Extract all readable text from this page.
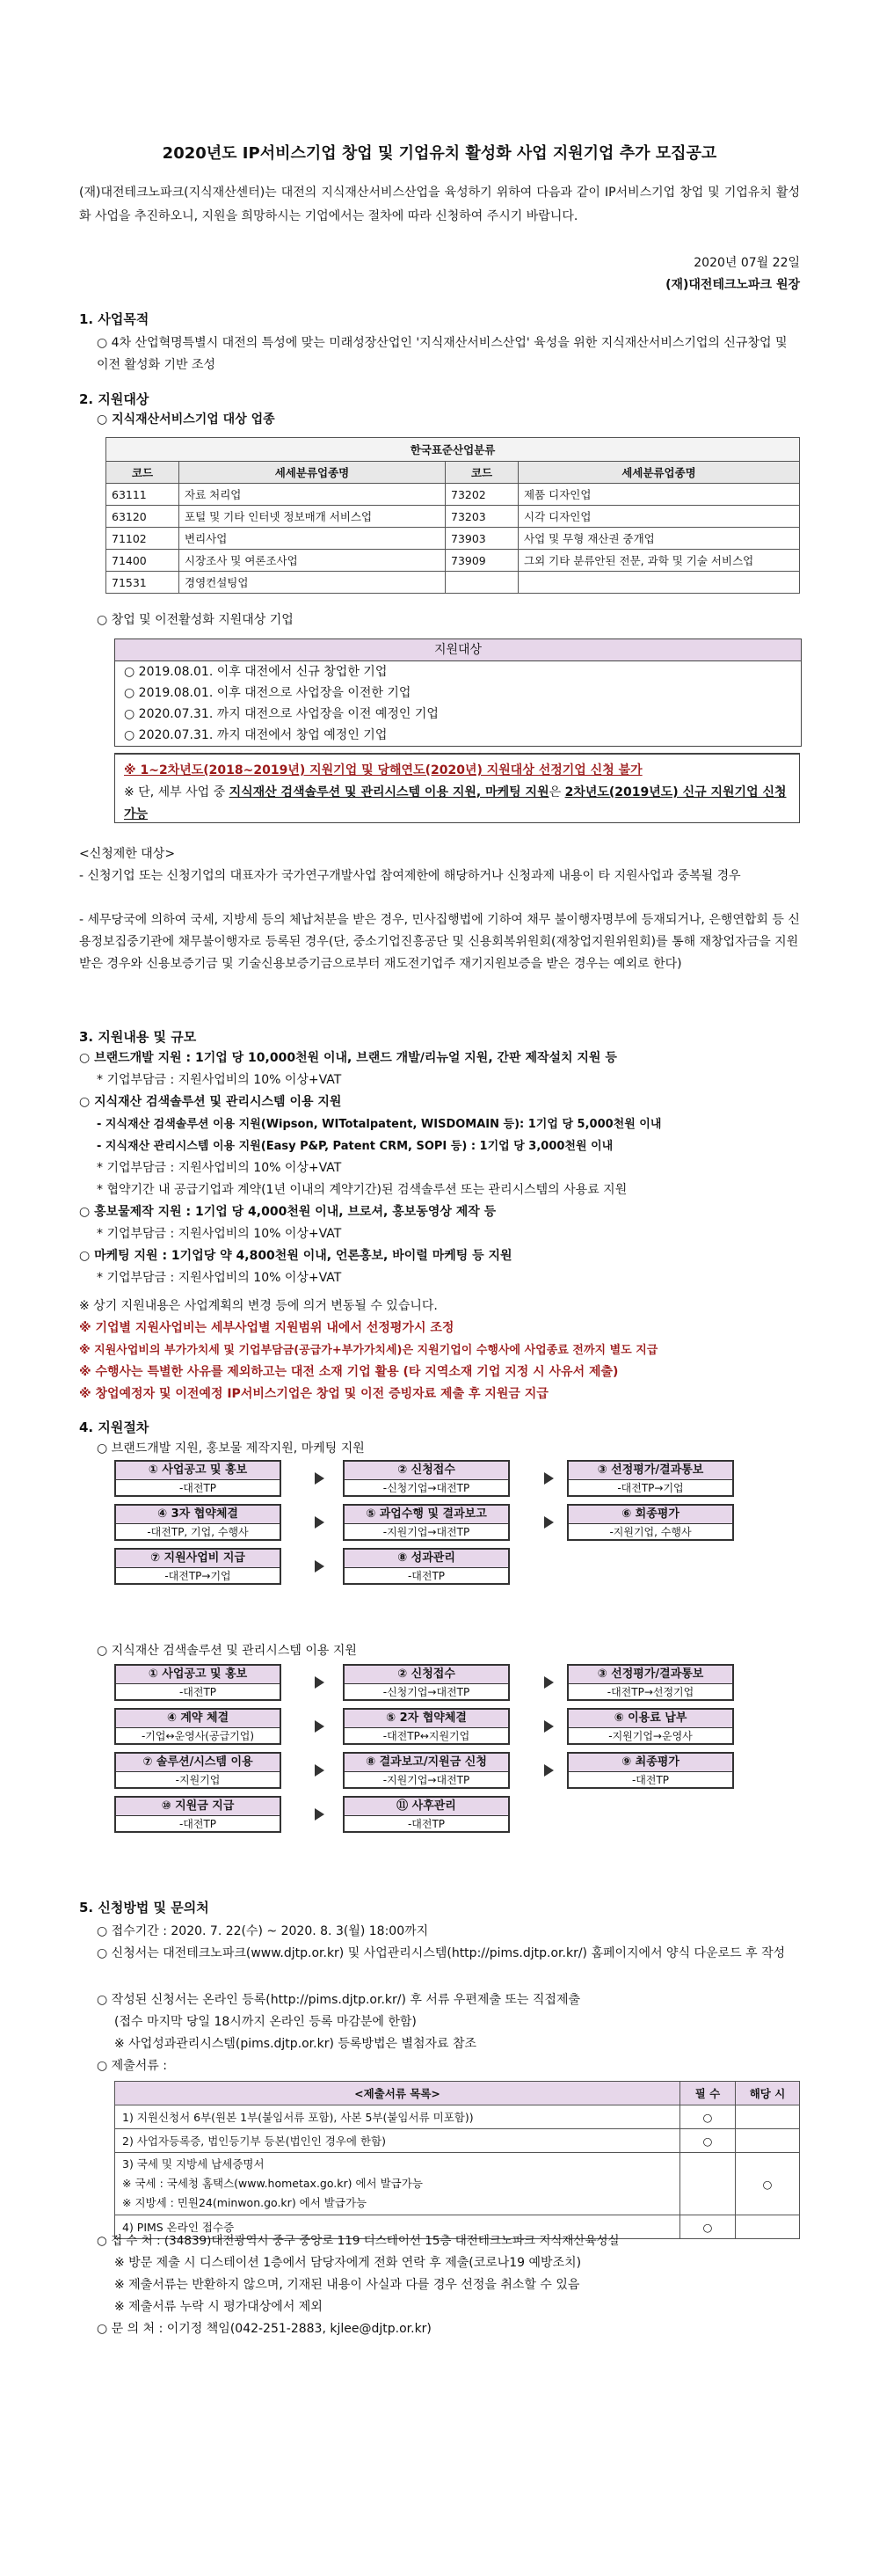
2020년도 IP서비스기업 창업 및 기업유치 활성화 사업 지원기업 추가 모집공고
(재)대전테크노파크(지식재산센터)는 대전의 지식재산서비스산업을 육성하기 위하여 다음과 같이 IP서비스기업 창업 및 기업유치 활성화 사업을 추진하오니, 지원을 희망하시는 기업에서는 절차에 따라 신청하여 주시기 바랍니다.
2020년 07월 22일
(재)대전테크노파크 원장
1. 사업목적
○ 4차 산업혁명특별시 대전의 특성에 맞는 미래성장산업인 '지식재산서비스산업' 육성을 위한 지식재산서비스기업의 신규창업 및 이전 활성화 기반 조성
2. 지원대상
○ 지식재산서비스기업 대상 업종
한국표준산업분류			
코드	세세분류업종명	코드	세세분류업종명
63111	자료 처리업	73202	제품 디자인업
63120	포털 및 기타 인터넷 정보매개 서비스업	73203	시각 디자인업
71102	변리사업	73903	사업 및 무형 재산권 중개업
71400	시장조사 및 여론조사업	73909	그외 기타 분류안된 전문, 과학 및 기술 서비스업
71531	경영컨설팅업		
○ 창업 및 이전활성화 지원대상 기업
지원대상
○ 2019.08.01. 이후 대전에서 신규 창업한 기업
○ 2019.08.01. 이후 대전으로 사업장을 이전한 기업
○ 2020.07.31. 까지 대전으로 사업장을 이전 예정인 기업
○ 2020.07.31. 까지 대전에서 창업 예정인 기업
※ 1~2차년도(2018~2019년) 지원기업 및 당해연도(2020년) 지원대상 선정기업 신청 불가
※ 단, 세부 사업 중 지식재산 검색솔루션 및 관리시스템 이용 지원, 마케팅 지원은 2차년도(2019년도) 신규 지원기업 신청 가능
<신청제한 대상>
- 신청기업 또는 신청기업의 대표자가 국가연구개발사업 참여제한에 해당하거나 신청과제 내용이 타 지원사업과 중복될 경우
- 세무당국에 의하여 국세, 지방세 등의 체납처분을 받은 경우, 민사집행법에 기하여 채무 불이행자명부에 등재되거나, 은행연합회 등 신용정보집중기관에 채무불이행자로 등록된 경우(단, 중소기업진흥공단 및 신용회복위원회(재창업지원위원회)를 통해 재창업자금을 지원 받은 경우와 신용보증기금 및 기술신용보증기금으로부터 재도전기업주 재기지원보증을 받은 경우는 예외로 한다)
3. 지원내용 및 규모
○ 브랜드개발 지원 : 1기업 당 10,000천원 이내, 브랜드 개발/리뉴얼 지원, 간판 제작설치 지원 등
* 기업부담금 : 지원사업비의 10% 이상+VAT
○ 지식재산 검색솔루션 및 관리시스템 이용 지원
- 지식재산 검색솔루션 이용 지원(Wipson, WITotalpatent, WISDOMAIN 등): 1기업 당 5,000천원 이내
- 지식재산 관리시스템 이용 지원(Easy P&P, Patent CRM, SOPI 등) : 1기업 당 3,000천원 이내
* 기업부담금 : 지원사업비의 10% 이상+VAT
* 협약기간 내 공급기업과 계약(1년 이내의 계약기간)된 검색솔루션 또는 관리시스템의 사용료 지원
○ 홍보물제작 지원 : 1기업 당 4,000천원 이내, 브로셔, 홍보동영상 제작 등
* 기업부담금 : 지원사업비의 10% 이상+VAT
○ 마케팅 지원 : 1기업당 약 4,800천원 이내, 언론홍보, 바이럴 마케팅 등 지원
* 기업부담금 : 지원사업비의 10% 이상+VAT
※ 상기 지원내용은 사업계획의 변경 등에 의거 변동될 수 있습니다.
※ 기업별 지원사업비는 세부사업별 지원범위 내에서 선정평가시 조정
※ 지원사업비의 부가가치세 및 기업부담금(공급가+부가가치세)은 지원기업이 수행사에 사업종료 전까지 별도 지급
※ 수행사는 특별한 사유를 제외하고는 대전 소재 기업 활용 (타 지역소재 기업 지정 시 사유서 제출)
※ 창업예정자 및 이전예정 IP서비스기업은 창업 및 이전 증빙자료 제출 후 지원금 지급
4. 지원절차
○ 브랜드개발 지원, 홍보물 제작지원, 마케팅 지원
① 사업공고 및 홍보
-대전TP
② 신청접수
-신청기업→대전TP
③ 선정평가/결과통보
-대전TP→기업
④ 3자 협약체결
-대전TP, 기업, 수행사
⑤ 과업수행 및 결과보고
-지원기업→대전TP
⑥ 회종평가
-지원기업, 수행사
⑦ 지원사업비 지급
-대전TP→기업
⑧ 성과관리
-대전TP
○ 지식재산 검색솔루션 및 관리시스템 이용 지원
① 사업공고 및 홍보
-대전TP
② 신청접수
-신청기업→대전TP
③ 선정평가/결과통보
-대전TP→선정기업
④ 계약 체결
-기업↔운영사(공급기업)
⑤ 2자 협약체결
-대전TP↔지원기업
⑥ 이용료 납부
-지원기업→운영사
⑦ 솔루션/시스템 이용
-지원기업
⑧ 결과보고/지원금 신청
-지원기업→대전TP
⑨ 최종평가
-대전TP
⑩ 지원금 지급
-대전TP
⑪ 사후관리
-대전TP
5. 신청방법 및 문의처
○ 접수기간 : 2020. 7. 22(수) ~ 2020. 8. 3(월) 18:00까지
○ 신청서는 대전테크노파크(www.djtp.or.kr) 및 사업관리시스템(http://pims.djtp.or.kr/) 홈페이지에서 양식 다운로드 후 작성
○ 작성된 신청서는 온라인 등록(http://pims.djtp.or.kr/) 후 서류 우편제출 또는 직접제출
(접수 마지막 당일 18시까지 온라인 등록 마감분에 한함)
※ 사업성과관리시스템(pims.djtp.or.kr) 등록방법은 별첨자료 참조
○ 제출서류 :
<제출서류 목록>	필 수	해당 시
1) 지원신청서 6부(원본 1부(붙임서류 포함), 사본 5부(붙임서류 미포함))	○	
2) 사업자등록증, 법인등기부 등본(법인인 경우에 한함)	○	
3) 국세 및 지방세 납세증명서
※ 국세 : 국세청 홈택스(www.hometax.go.kr) 에서 발급가능
※ 지방세 : 민원24(minwon.go.kr) 에서 발급가능		○
4) PIMS 온라인 접수증	○	
○ 접 수 처 : (34839)대전광역시 중구 중앙로 119 디스테이션 15층 대전테크노파크 지식재산육성실
※ 방문 제출 시 디스테이션 1층에서 담당자에게 전화 연락 후 제출(코로나19 예방조치)
※ 제출서류는 반환하지 않으며, 기재된 내용이 사실과 다를 경우 선정을 취소할 수 있음
※ 제출서류 누락 시 평가대상에서 제외
○ 문 의 처 : 이기정 책임(042-251-2883, kjlee@djtp.or.kr)
